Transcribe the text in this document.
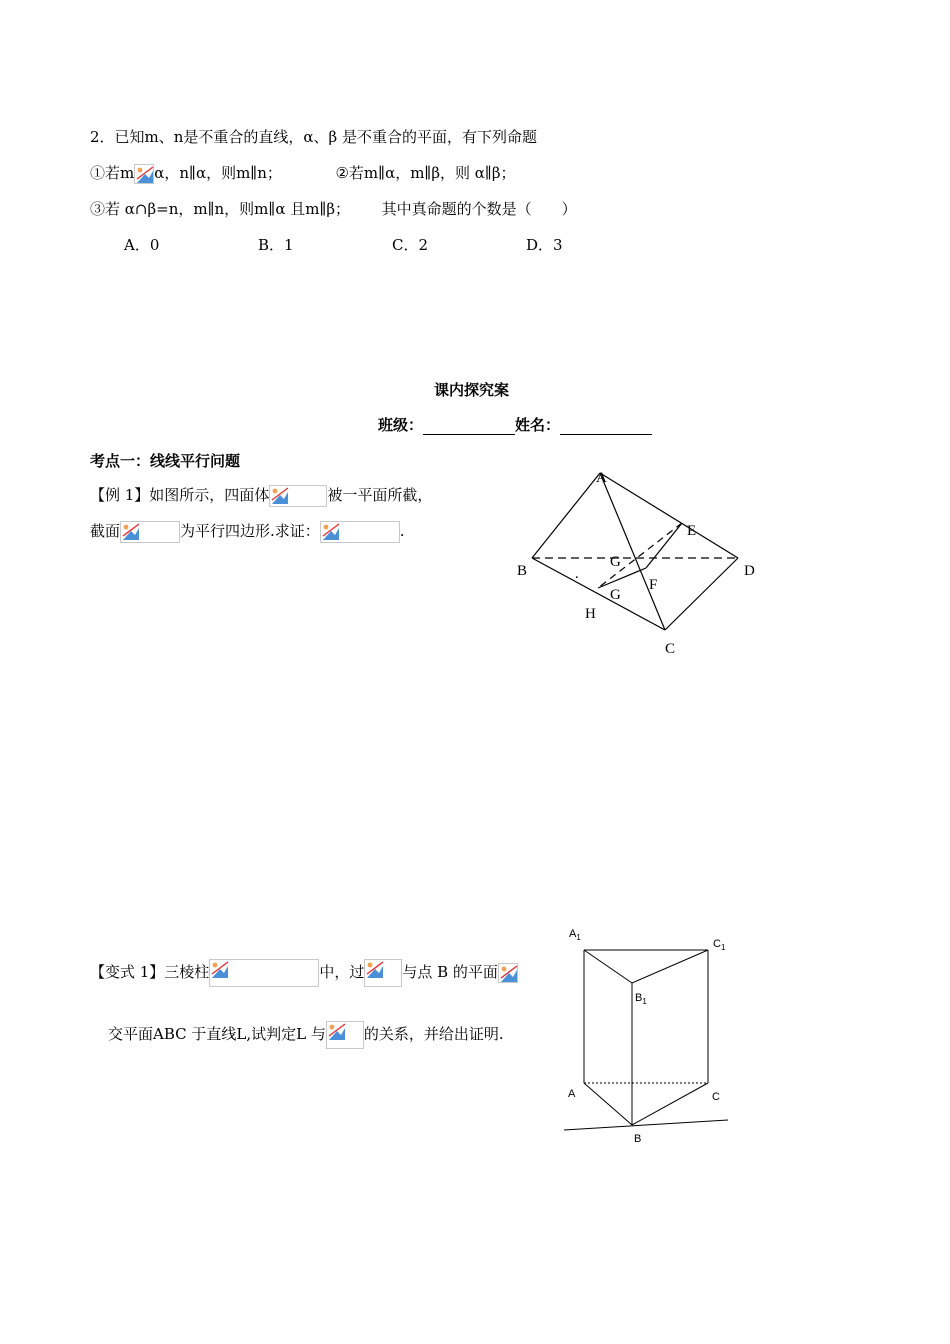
2．已知m、n是不重合的直线，α、β 是不重合的平面，有下列命题
①若m α，n∥α，则m∥n；	②若m∥α，m∥β，则 α∥β；
③若 α∩β=n，m∥n，则m∥α 且m∥β； 其中真命题的个数是（　　）
A．0	B．1	C．2	D．3
课内探究案
班级：	姓名：
考点一：线线平行问题
【例 1】如图所示，四面体	被一平面所截，
截面	为平行四边形.求证：	.
A
B
C
D
E
F
G
G
H
.
【变式 1】三棱柱	中，过	与点 B 的平面
交平面ABC 于直线L,试判定L 与	的关系，并给出证明.
$A_1$
$C_1$
$B_1$
A	C
B
